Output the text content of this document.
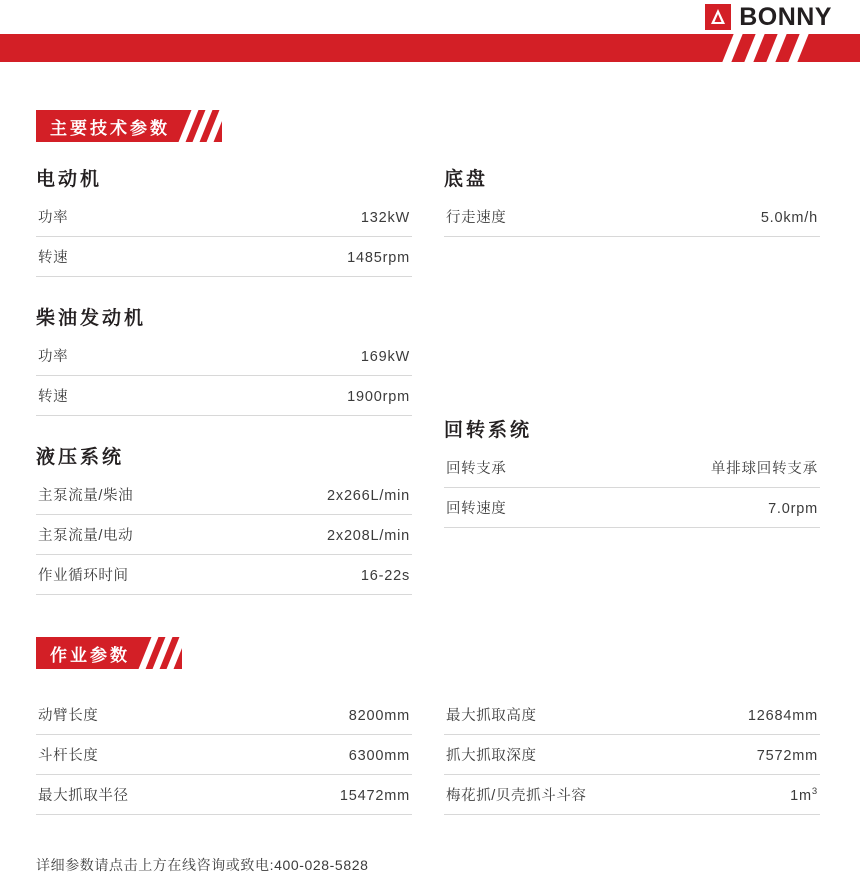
BONNY
主要技术参数
电动机
功率	132kW
转速	1485rpm
柴油发动机
功率	169kW
转速	1900rpm
液压系统
主泵流量/柴油	2x266L/min
主泵流量/电动	2x208L/min
作业循环时间	16-22s
底盘
行走速度	5.0km/h
回转系统
回转支承	单排球回转支承
回转速度	7.0rpm
作业参数
动臂长度	8200mm
斗杆长度	6300mm
最大抓取半径	15472mm
最大抓取高度	12684mm
抓大抓取深度	7572mm
梅花抓/贝壳抓斗斗容	$1m^3$
详细参数请点击上方在线咨询或致电:400-028-5828
